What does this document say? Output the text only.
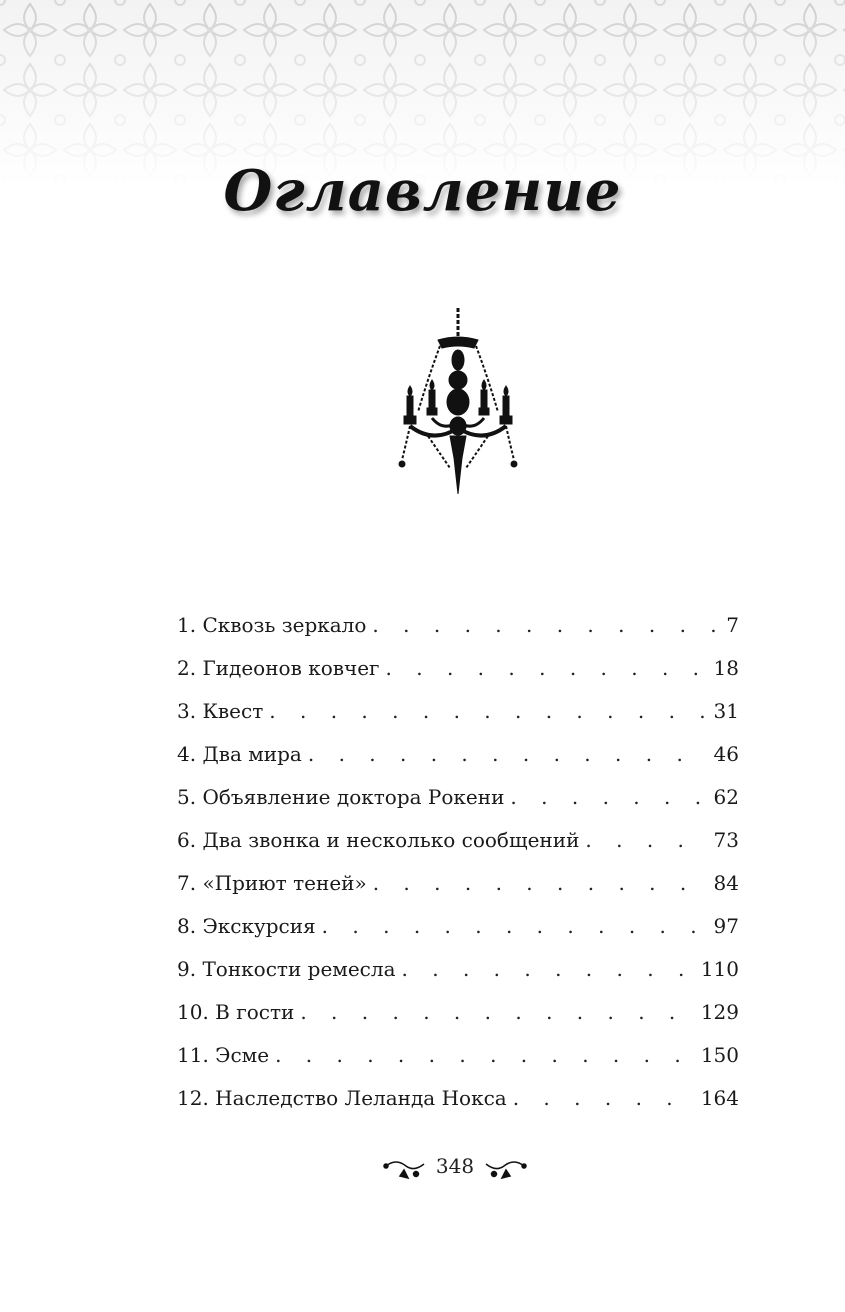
Оглавление
1. Сквозь зеркало . . .	7
2. Гидеонов ковчег . . .	18
3. Квест . . .	31
4. Два мира . . .	46
5. Объявление доктора Рокени . . .	62
6. Два звонка и несколько сообщений . . .	73
7. «Приют теней» . . .	84
8. Экскурсия . . .	97
9. Тонкости ремесла . . .	110
10. В гости . . .	129
11. Эсме . . .	150
12. Наследство Леланда Нокса . . .	164
348
